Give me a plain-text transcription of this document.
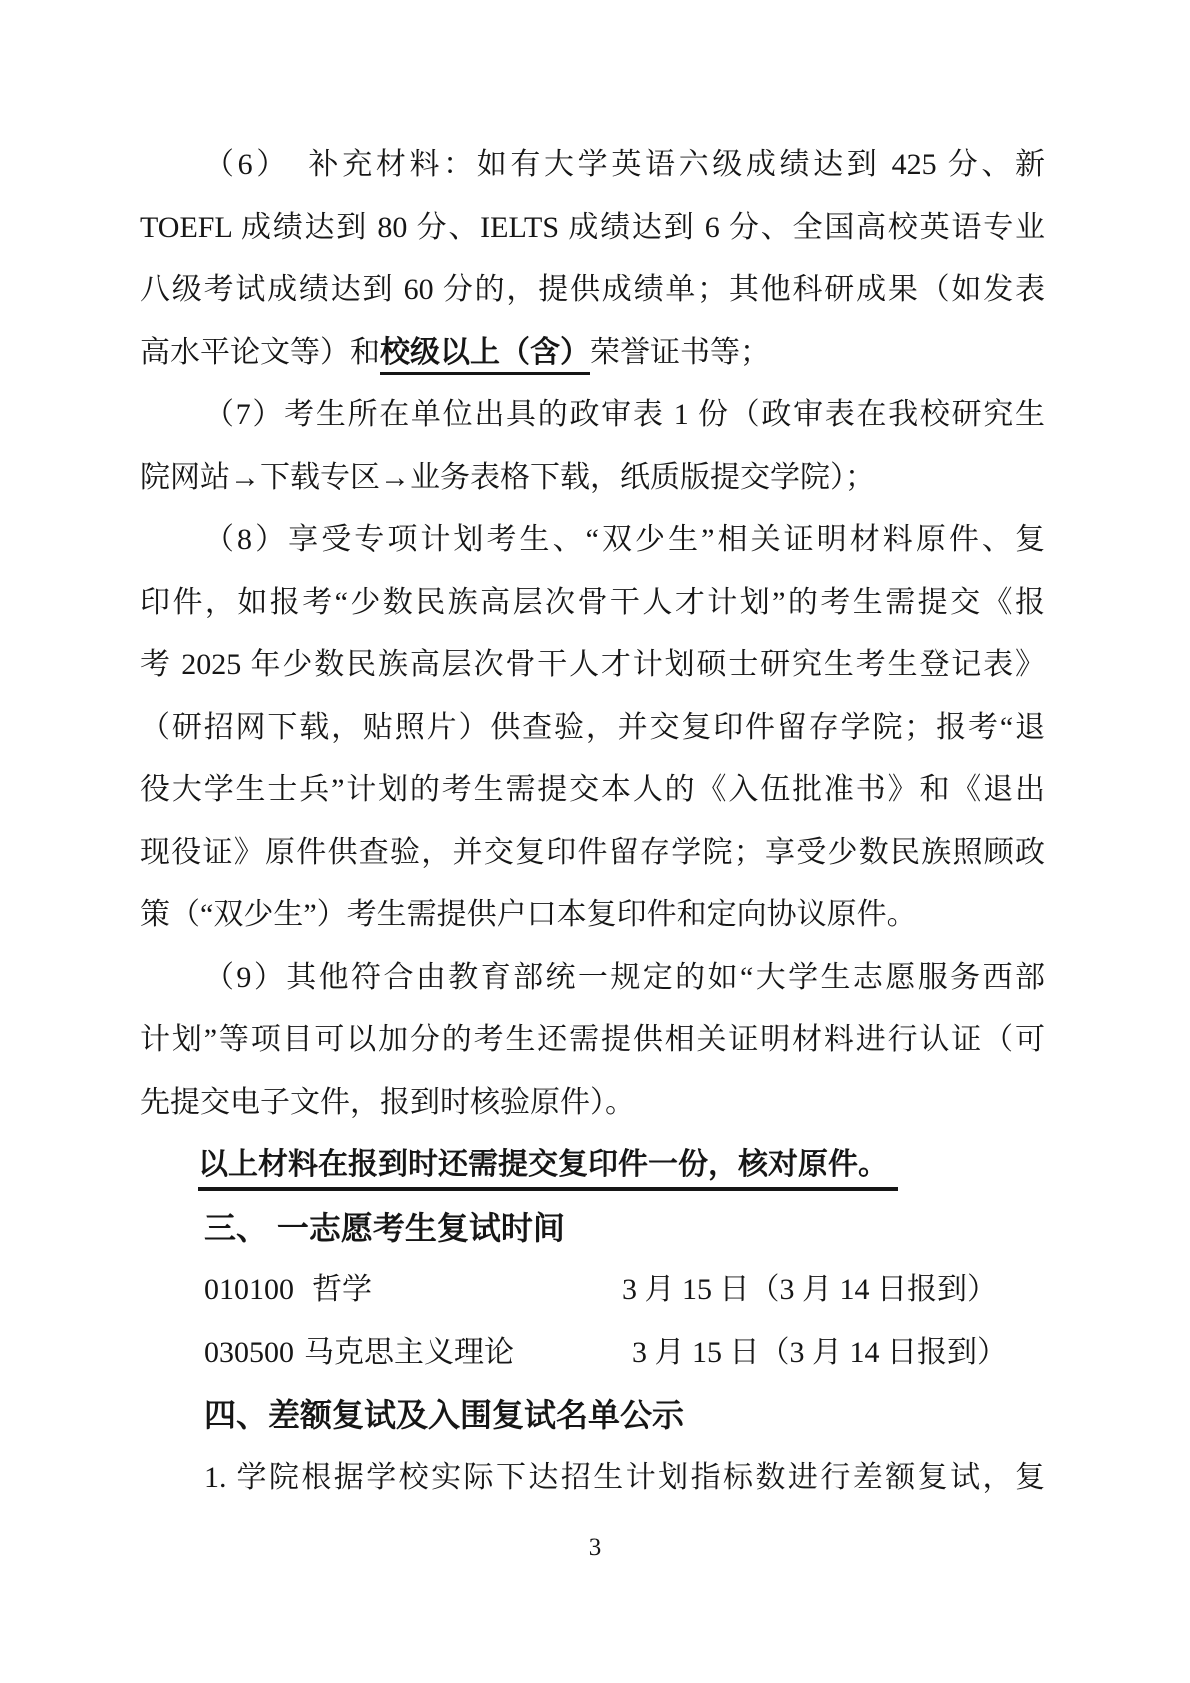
（6）　补充材料：如有大学英语六级成绩达到 425 分、新
TOEFL 成绩达到 80 分、IELTS 成绩达到 6 分、全国高校英语专业
八级考试成绩达到 60 分的，提供成绩单；其他科研成果（如发表
高水平论文等）和校级以上（含）荣誉证书等；
（7）考生所在单位出具的政审表 1 份（政审表在我校研究生
院网站→下载专区→业务表格下载，纸质版提交学院）；
（8）享受专项计划考生、“双少生”相关证明材料原件、复
印件，如报考“少数民族高层次骨干人才计划”的考生需提交《报
考 2025 年少数民族高层次骨干人才计划硕士研究生考生登记表》
（研招网下载，贴照片）供查验，并交复印件留存学院；报考“退
役大学生士兵”计划的考生需提交本人的《入伍批准书》和《退出
现役证》原件供查验，并交复印件留存学院；享受少数民族照顾政
策（“双少生”）考生需提供户口本复印件和定向协议原件。
（9）其他符合由教育部统一规定的如“大学生志愿服务西部
计划”等项目可以加分的考生还需提供相关证明材料进行认证（可
先提交电子文件，报到时核验原件）。
以上材料在报到时还需提交复印件一份，核对原件。
三、 一志愿考生复试时间
010100 哲学	3 月 15 日（3 月 14 日报到）
030500 马克思主义理论	3 月 15 日（3 月 14 日报到）
四、差额复试及入围复试名单公示
1. 学院根据学校实际下达招生计划指标数进行差额复试，复
3
